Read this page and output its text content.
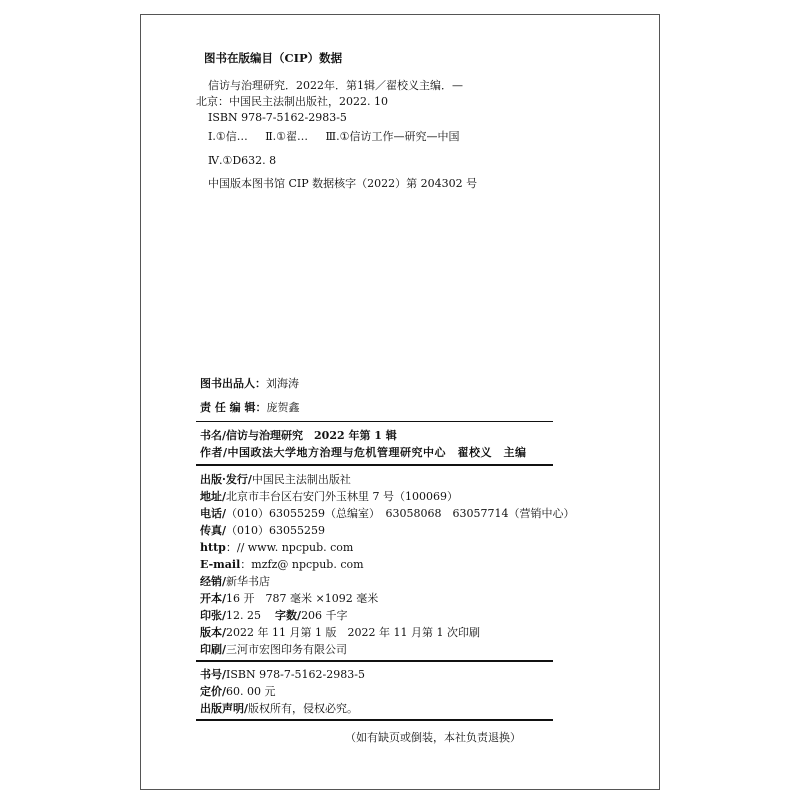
图书在版编目（CIP）数据
信访与治理研究．2022年．第1辑／翟校义主编．—
北京：中国民主法制出版社，2022. 10
ISBN 978-7-5162-2983-5
Ⅰ.①信… Ⅱ.①翟… Ⅲ.①信访工作—研究—中国
Ⅳ.①D632. 8
中国版本图书馆 CIP 数据核字（2022）第 204302 号
图书出品人：刘海涛
责 任 编 辑：庞贺鑫
书名/信访与治理研究　2022 年第 1 辑
作者/中国政法大学地方治理与危机管理研究中心　翟校义　主编
出版·发行/中国民主法制出版社
地址/北京市丰台区右安门外玉林里 7 号（100069）
电话/（010）63055259（总编室）　63058068　63057714（营销中心）
传真/（010）63055259
http：// www. npcpub. com
E-mail：mzfz@ npcpub. com
经销/新华书店
开本/16 开　787 毫米 ×1092 毫米
印张/12. 25 字数/206 千字
版本/2022 年 11 月第 1 版　2022 年 11 月第 1 次印刷
印刷/三河市宏图印务有限公司
书号/ISBN 978-7-5162-2983-5
定价/60. 00 元
出版声明/版权所有，侵权必究。
（如有缺页或倒装，本社负责退换）
